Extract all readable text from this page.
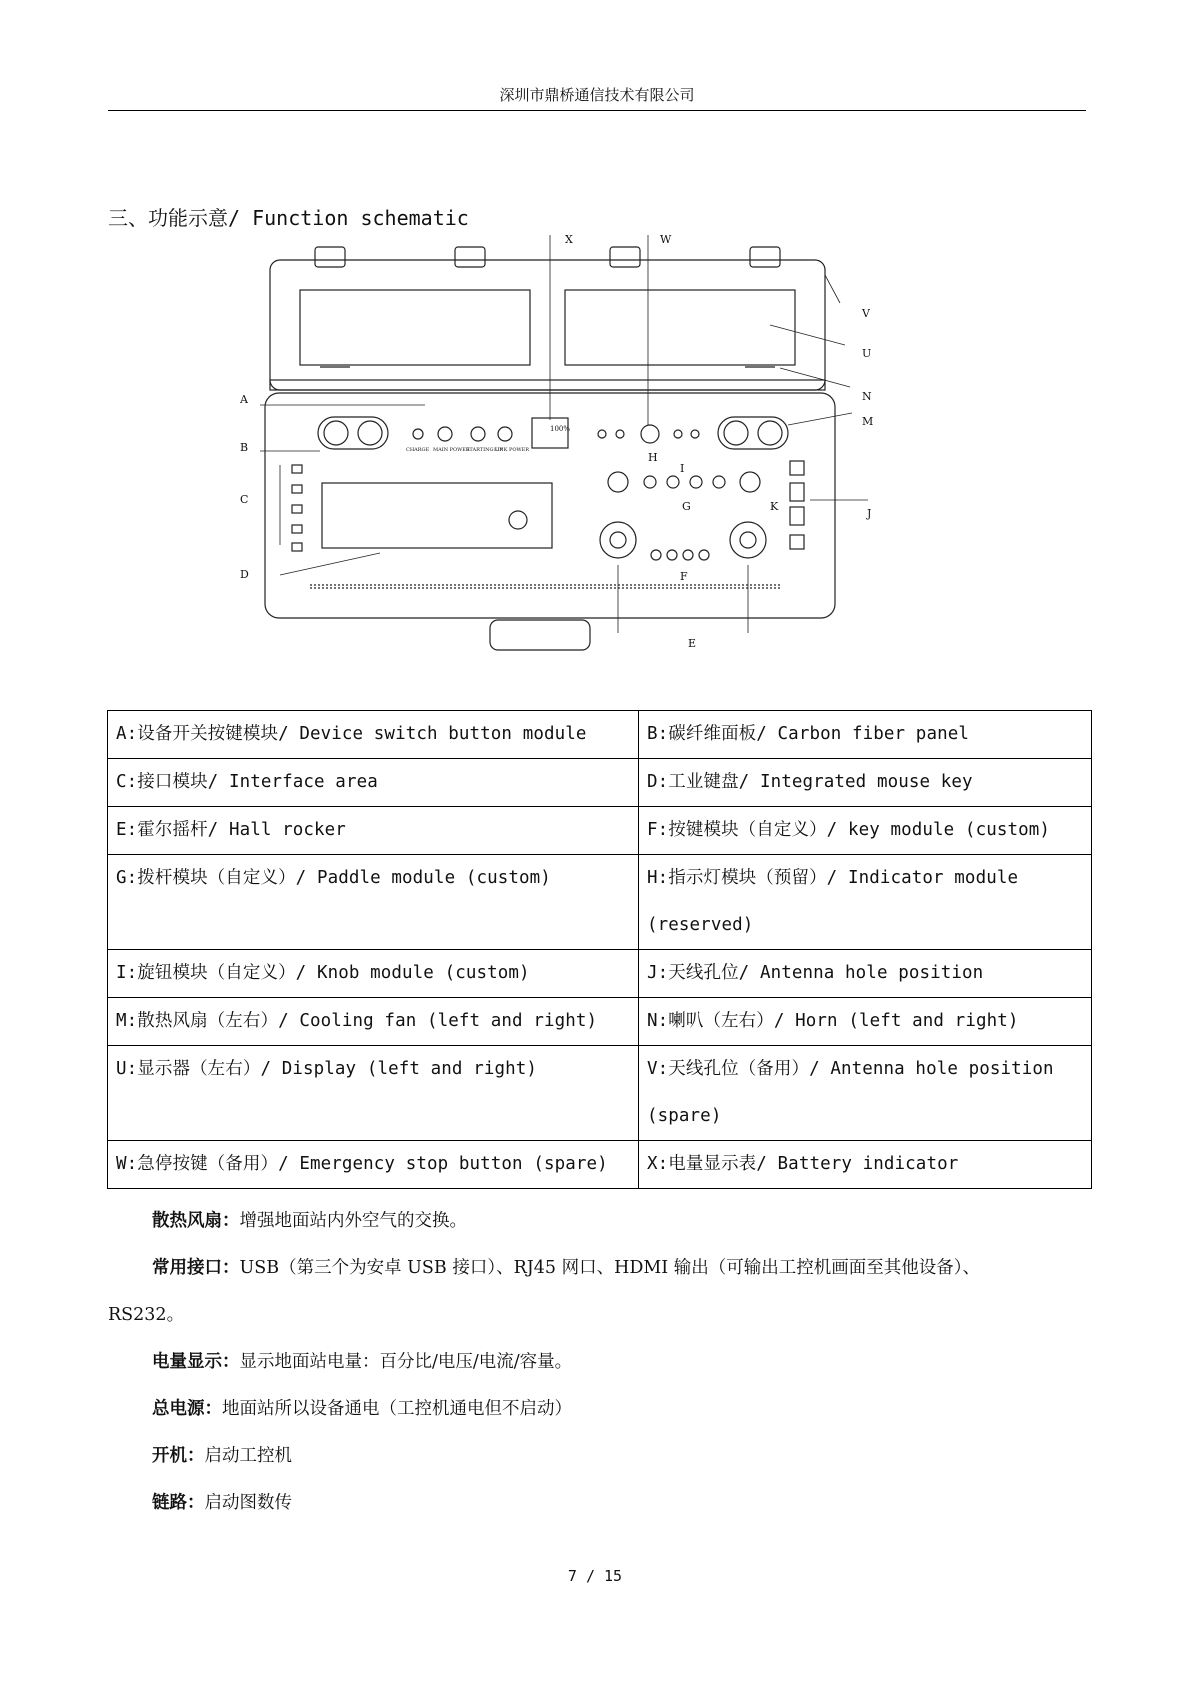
深圳市鼎桥通信技术有限公司
三、功能示意/ Function schematic
X	W
V
U
N
M
A
B
C
D
H
I
G	K
J
F
E
CHARGE MAIN POWER
STARTING UP
LINK POWER
100%
A:设备开关按键模块/ Device switch button module	B:碳纤维面板/ Carbon fiber panel
C:接口模块/ Interface area	D:工业键盘/ Integrated mouse key
E:霍尔摇杆/ Hall rocker	F:按键模块（自定义）/ key module (custom)
G:拨杆模块（自定义）/ Paddle module (custom)	H:指示灯模块（预留）/ Indicator module (reserved)
I:旋钮模块（自定义）/ Knob module (custom)	J:天线孔位/ Antenna hole position
M:散热风扇（左右）/ Cooling fan (left and right)	N:喇叭（左右）/ Horn (left and right)
U:显示器（左右）/ Display (left and right)	V:天线孔位（备用）/ Antenna hole position (spare)
W:急停按键（备用）/ Emergency stop button (spare)	X:电量显示表/ Battery indicator
散热风扇：增强地面站内外空气的交换。
常用接口：USB（第三个为安卓 USB 接口）、RJ45 网口、HDMI 输出（可输出工控机画面至其他设备）、
RS232。
电量显示：显示地面站电量：百分比/电压/电流/容量。
总电源：地面站所以设备通电（工控机通电但不启动）
开机：启动工控机
链路：启动图数传
7 / 15
